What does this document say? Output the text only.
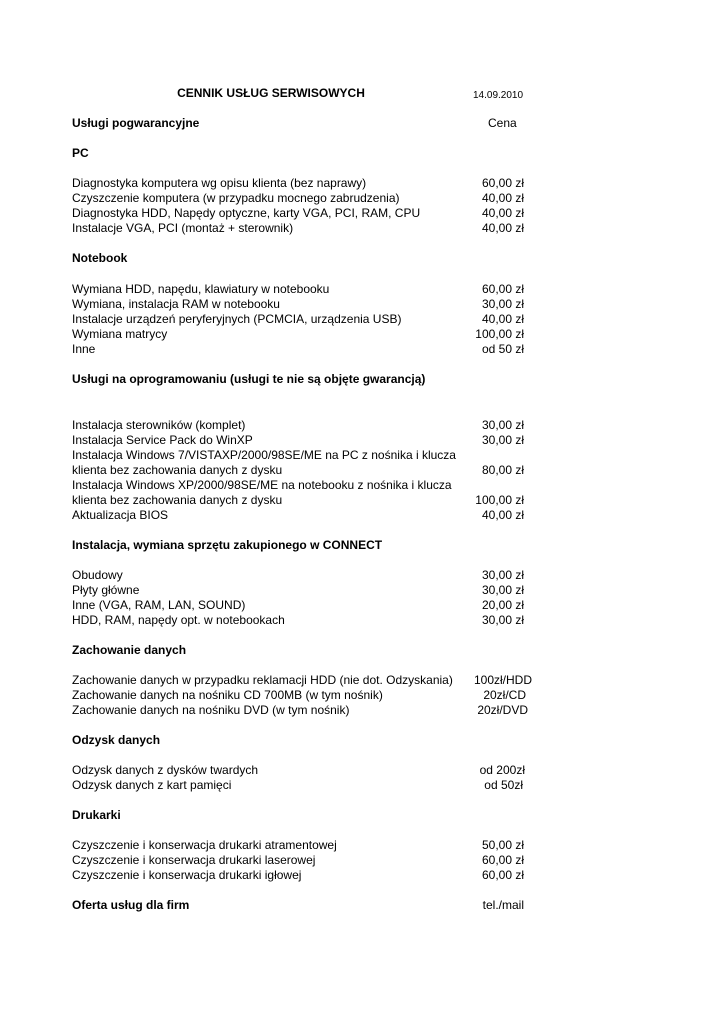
CENNIK USŁUG SERWISOWYCH	14.09.2010
Usługi pogwarancyjne	Cena
PC
Diagnostyka komputera wg opisu klienta (bez naprawy)	60,00 zł
Czyszczenie komputera (w przypadku mocnego zabrudzenia)	40,00 zł
Diagnostyka HDD, Napędy optyczne, karty VGA, PCI, RAM, CPU	40,00 zł
Instalacje VGA, PCI (montaż + sterownik)	40,00 zł
Notebook
Wymiana HDD, napędu, klawiatury w notebooku	60,00 zł
Wymiana, instalacja RAM w notebooku	30,00 zł
Instalacje urządzeń peryferyjnych (PCMCIA, urządzenia USB)	40,00 zł
Wymiana matrycy	100,00 zł
Inne	od 50 zł
Usługi na oprogramowaniu (usługi te nie są objęte gwarancją)
Instalacja sterowników (komplet)	30,00 zł
Instalacja Service Pack do WinXP	30,00 zł
Instalacja Windows 7/VISTAXP/2000/98SE/ME na PC z nośnika i klucza
klienta bez zachowania danych z dysku	80,00 zł
Instalacja Windows XP/2000/98SE/ME na notebooku z nośnika i klucza
klienta bez zachowania danych z dysku	100,00 zł
Aktualizacja BIOS	40,00 zł
Instalacja, wymiana sprzętu zakupionego w CONNECT
Obudowy	30,00 zł
Płyty główne	30,00 zł
Inne (VGA, RAM, LAN, SOUND)	20,00 zł
HDD, RAM, napędy opt. w notebookach	30,00 zł
Zachowanie danych
Zachowanie danych w przypadku reklamacji HDD (nie dot. Odzyskania) 100zł/HDD
Zachowanie danych na nośniku CD 700MB (w tym nośnik)	20zł/CD
Zachowanie danych na nośniku DVD (w tym nośnik)	20zł/DVD
Odzysk danych
Odzysk danych z dysków twardych	od 200zł
Odzysk danych z kart pamięci	od 50zł
Drukarki
Czyszczenie i konserwacja drukarki atramentowej	50,00 zł
Czyszczenie i konserwacja drukarki laserowej	60,00 zł
Czyszczenie i konserwacja drukarki igłowej	60,00 zł
Oferta usług dla firm	tel./mail
